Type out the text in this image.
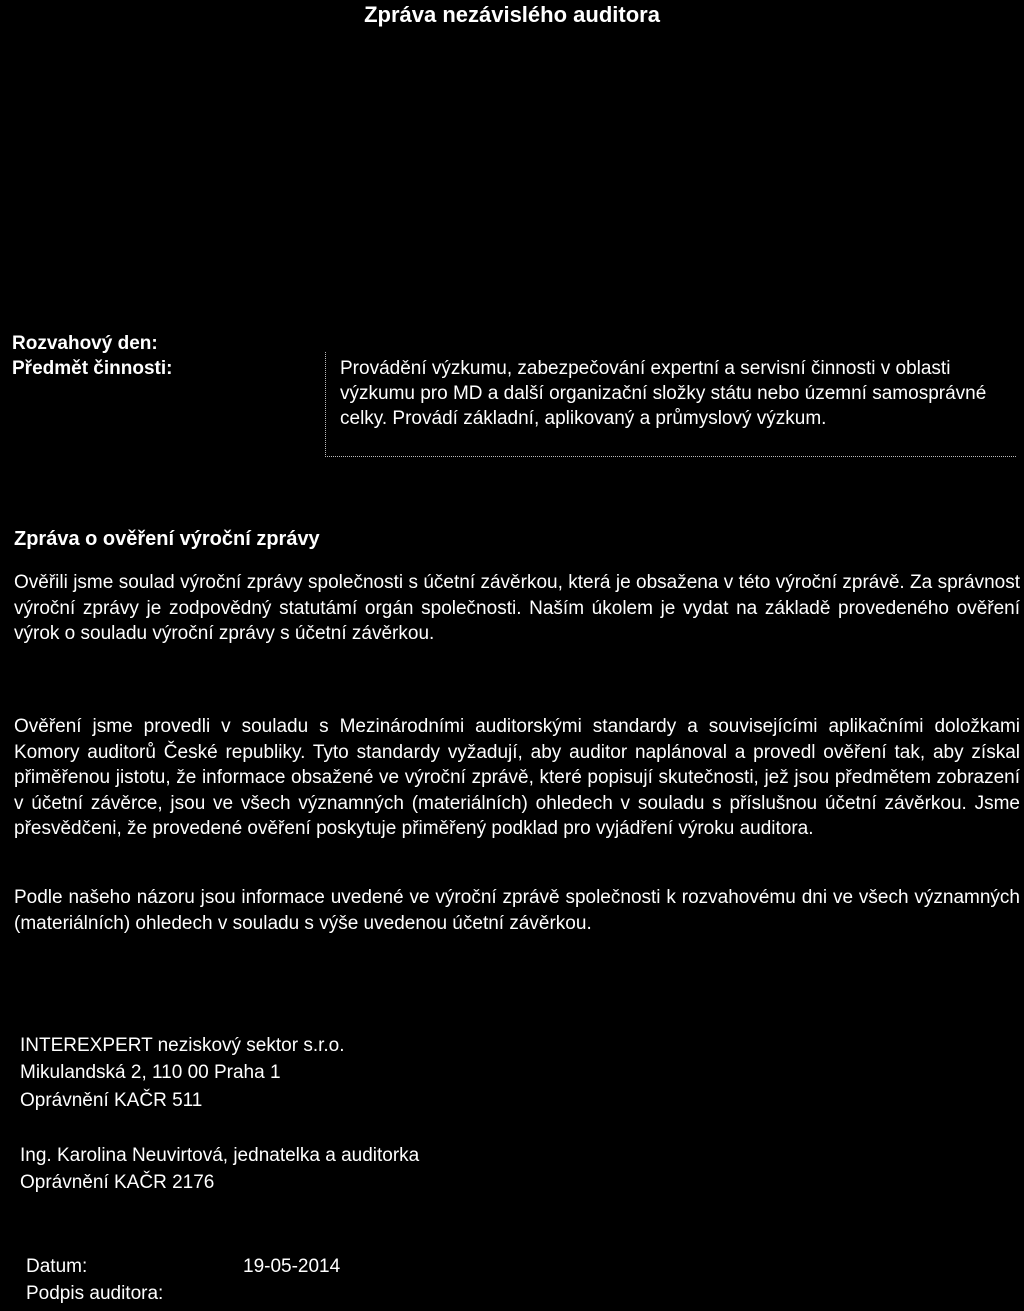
Zpráva nezávislého auditora
Rozvahový den:
Předmět činnosti:	Provádění výzkumu, zabezpečování expertní a servisní činnosti v oblasti výzkumu pro MD a další organizační složky státu nebo územní samosprávné celky. Provádí základní, aplikovaný a průmyslový výzkum.
Zpráva o ověření výroční zprávy
Ověřili jsme soulad výroční zprávy společnosti s účetní závěrkou, která je obsažena v této výroční zprávě. Za správnost výroční zprávy je zodpovědný statutámí orgán společnosti. Naším úkolem je vydat na základě provedeného ověření výrok o souladu výroční zprávy s účetní závěrkou.
Ověření jsme provedli v souladu s Mezinárodními auditorskými standardy a souvisejícími aplikačními doložkami Komory auditorů České republiky. Tyto standardy vyžadují, aby auditor naplánoval a provedl ověření tak, aby získal přiměřenou jistotu, že informace obsažené ve výroční zprávě, které popisují skutečnosti, jež jsou předmětem zobrazení v účetní závěrce, jsou ve všech významných (materiálních) ohledech v souladu s příslušnou účetní závěrkou. Jsme přesvědčeni, že provedené ověření poskytuje přiměřený podklad pro vyjádření výroku auditora.
Podle našeho názoru jsou informace uvedené ve výroční zprávě společnosti k rozvahovému dni ve všech významných (materiálních) ohledech v souladu s výše uvedenou účetní závěrkou.
INTEREXPERT neziskový sektor s.r.o.
Mikulandská 2, 110 00 Praha 1
Oprávnění KAČR 511
Ing. Karolina Neuvirtová, jednatelka a auditorka
Oprávnění KAČR 2176
Datum:	19-05-2014
Podpis auditora:
